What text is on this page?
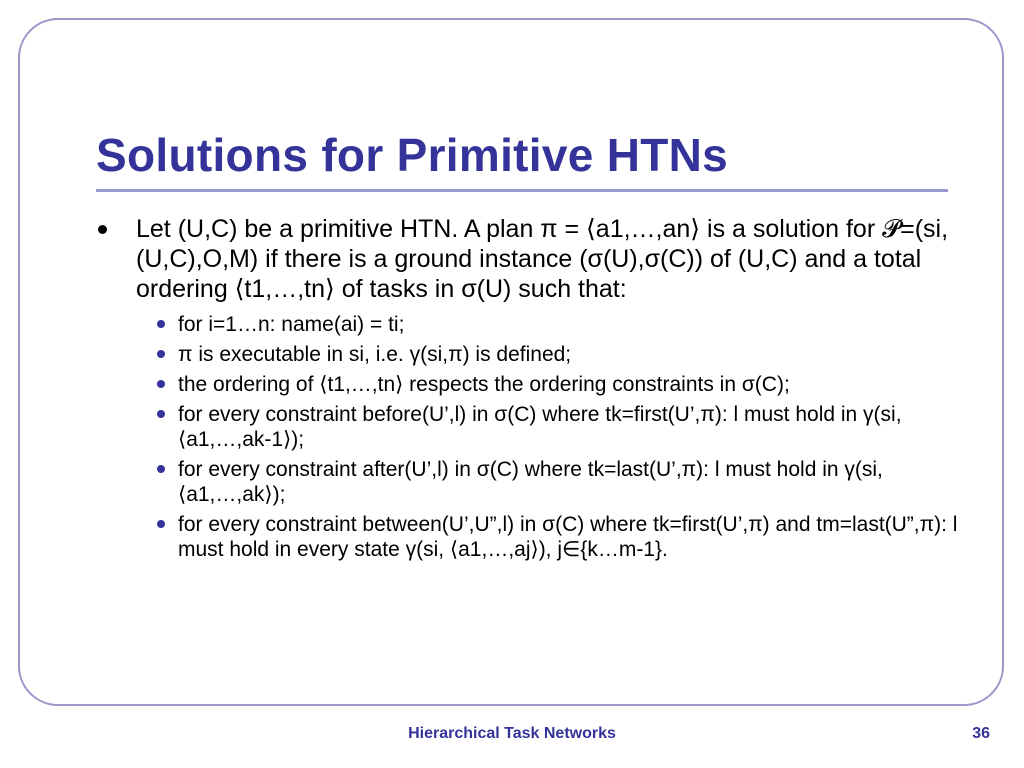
Solutions for Primitive HTNs
Let (U,C) be a primitive HTN. A plan π = ⟨a1,…,an⟩ is a solution for 𝓟=(si,(U,C),O,M) if there is a ground instance (σ(U),σ(C)) of (U,C) and a total ordering ⟨t1,…,tn⟩ of tasks in σ(U) such that:
for i=1…n: name(ai) = ti;
π is executable in si, i.e. γ(si,π) is defined;
the ordering of ⟨t1,…,tn⟩ respects the ordering constraints in σ(C);
for every constraint before(U’,l) in σ(C) where tk=first(U’,π): l must hold in γ(si, ⟨a1,…,ak-1⟩);
for every constraint after(U’,l) in σ(C) where tk=last(U’,π): l must hold in γ(si, ⟨a1,…,ak⟩);
for every constraint between(U’,U”,l) in σ(C) where tk=first(U’,π) and tm=last(U”,π): l must hold in every state γ(si, ⟨a1,…,aj⟩), j∈{k…m-1}.
Hierarchical Task Networks	36
